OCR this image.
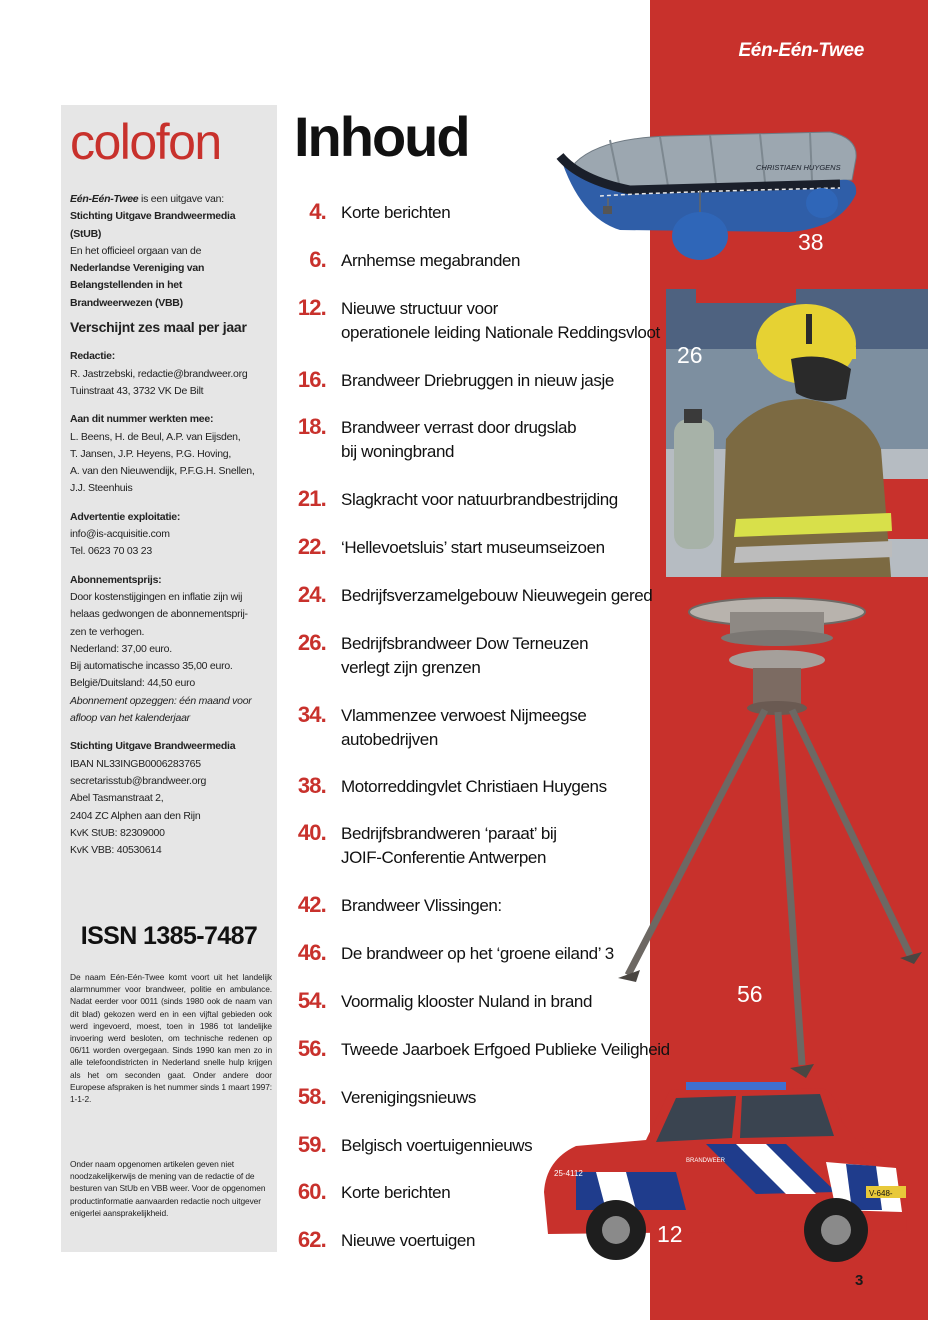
Eén-Eén-Twee
colofon

Eén-Eén-Twee is een uitgave van:

Stichting Uitgave Brandweermedia

(StUB)

En het officieel orgaan van de

Nederlandse Vereniging van

Belangstellenden in het

Brandweerwezen (VBB)

Verschijnt zes maal per jaar

Redactie:

R. Jastrzebski, redactie@brandweer.org

Tuinstraat 43, 3732 VK De Bilt

Aan dit nummer werkten mee:

L. Beens, H. de Beul, A.P. van Eijsden,

T. Jansen, J.P. Heyens, P.G. Hoving,

A. van den Nieuwendijk, P.F.G.H. Snellen,

J.J. Steenhuis

Advertentie exploitatie:

info@is-acquisitie.com

Tel. 0623 70 03 23

Abonnementsprijs:

Door kostenstijgingen en inflatie zijn wij

helaas gedwongen de abonnementsprij-

zen te verhogen.

Nederland: 37,00 euro.

Bij automatische incasso 35,00 euro.

België/Duitsland: 44,50 euro

Abonnement opzeggen: één maand voor

afloop van het kalenderjaar

Stichting Uitgave Brandweermedia

IBAN NL33INGB0006283765

secretarisstub@brandweer.org

Abel Tasmanstraat 2,

2404 ZC Alphen aan den Rijn

KvK StUB: 82309000

KvK VBB: 40530614

ISSN 1385-7487
De naam Eén-Eén-Twee komt voort uit het landelijk alarmnummer voor brandweer, politie en ambulance. Nadat eerder voor 0011 (sinds 1980 ook de naam van dit blad) gekozen werd en in een vijftal gebieden ook werd ingevoerd, moest, toen in 1986 tot landelijke invoering werd besloten, om technische redenen op 06/11 worden overgegaan. Sinds 1990 kan men zo in alle telefoondistricten in Nederland snelle hulp krijgen als het om seconden gaat. Onder andere door Europese afspraken is het nummer sinds 1 maart 1997: 1-1-2.
Onder naam opgenomen artikelen geven niet noodzakelijkerwijs de mening van de redactie of de besturen van StUb en VBB weer. Voor de opgenomen productinformatie aanvaarden redactie noch uitgever enigerlei aansprakelijkheid.
Inhoud
4. Korte berichten
6. Arnhemse megabranden
12. Nieuwe structuur voor
operationele leiding Nationale Reddingsvloot
16. Brandweer Driebruggen in nieuw jasje
18. Brandweer verrast door drugslab
bij woningbrand
21. Slagkracht voor natuurbrandbestrijding
22. ‘Hellevoetsluis’ start museumseizoen
24. Bedrijfsverzamelgebouw Nieuwegein gered
26. Bedrijfsbrandweer Dow Terneuzen
verlegt zijn grenzen
34. Vlammenzee verwoest Nijmeegse
autobedrijven
38. Motorreddingvlet Christiaen Huygens
40. Bedrijfsbrandweren ‘paraat’ bij
JOIF-Conferentie Antwerpen
42. Brandweer Vlissingen:
46. De brandweer op het ‘groene eiland’ 3
54. Voormalig klooster Nuland in brand
56. Tweede Jaarboek Erfgoed Publieke Veiligheid
58. Verenigingsnieuws
59. Belgisch voertuigennieuws
60. Korte berichten
62. Nieuwe voertuigen
CHRISTIAEN HUYGENS
38
26
56
V-648-
25-4112
BRANDWEER
12
3
